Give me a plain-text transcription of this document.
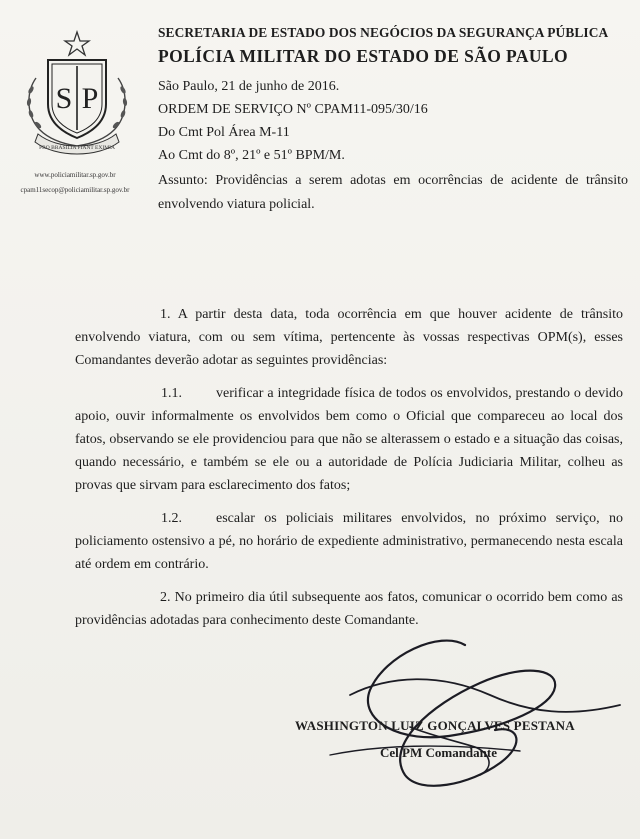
PRO BRASILIA FIANT EXIMIA
S P
www.policiamilitar.sp.gov.br
cpam11secop@policiamilitar.sp.gov.br

SECRETARIA DE ESTADO DOS NEGÓCIOS DA SEGURANÇA PÚBLICA

POLÍCIA MILITAR DO ESTADO DE SÃO PAULO

São Paulo, 21 de junho de 2016.

ORDEM DE SERVIÇO Nº CPAM11-095/30/16

Do Cmt Pol Área M-11

Ao Cmt do 8º, 21º e 51º BPM/M.

Assunto: Providências a serem adotas em ocorrências de acidente de trânsito envolvendo viatura policial.

1. A partir desta data, toda ocorrência em que houver acidente de trânsito envolvendo viatura, com ou sem vítima, pertencente às vossas respectivas OPM(s), esses Comandantes deverão adotar as seguintes providências:

1.1. verificar a integridade física de todos os envolvidos, prestando o devido apoio, ouvir informalmente os envolvidos bem como o Oficial que compareceu ao local dos fatos, observando se ele providenciou para que não se alterassem o estado e a situação das coisas, quando necessário, e também se ele ou a autoridade de Polícia Judiciaria Militar, colheu as provas que sirvam para esclarecimento dos fatos;

1.2. escalar os policiais militares envolvidos, no próximo serviço, no policiamento ostensivo a pé, no horário de expediente administrativo, permanecendo nesta escala até ordem em contrário.

2. No primeiro dia útil subsequente aos fatos, comunicar o ocorrido bem como as providências adotadas para conhecimento deste Comandante.

WASHINGTON LUIZ GONÇALVES PESTANA
Cel PM Comandante
